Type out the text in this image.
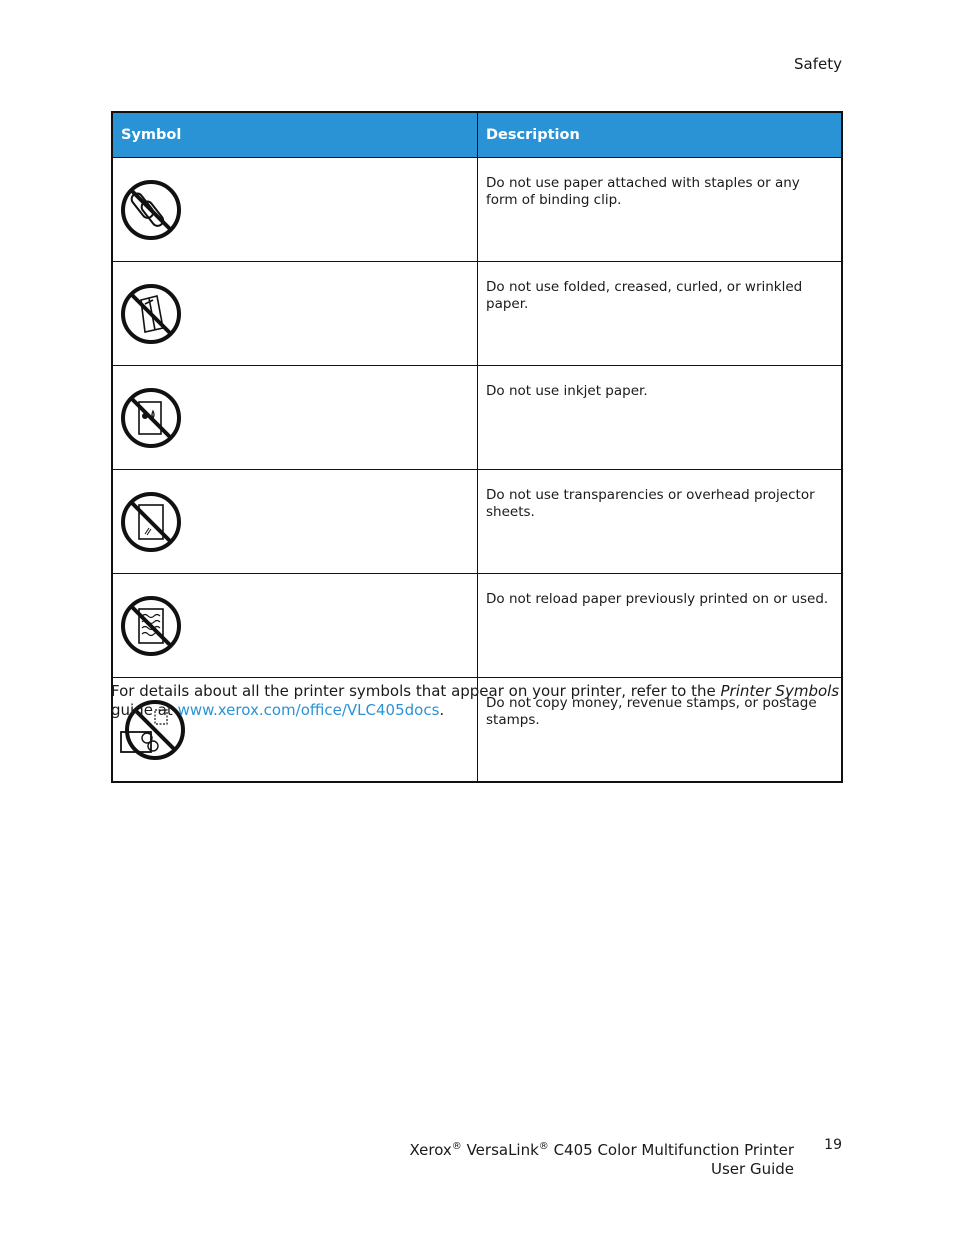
Safety
Symbol	Description

	Do not use paper attached with staples or any form of binding clip.

	Do not use folded, creased, curled, or wrinkled paper.

	Do not use inkjet paper.

	Do not use transparencies or overhead projector sheets.

	Do not reload paper previously printed on or used.

	Do not copy money, revenue stamps, or postage stamps.
For details about all the printer symbols that appear on your printer, refer to the Printer Symbols guide at www.xerox.com/office/VLC405docs.
Xerox® VersaLink® C405 Color Multifunction Printer
User Guide
19
